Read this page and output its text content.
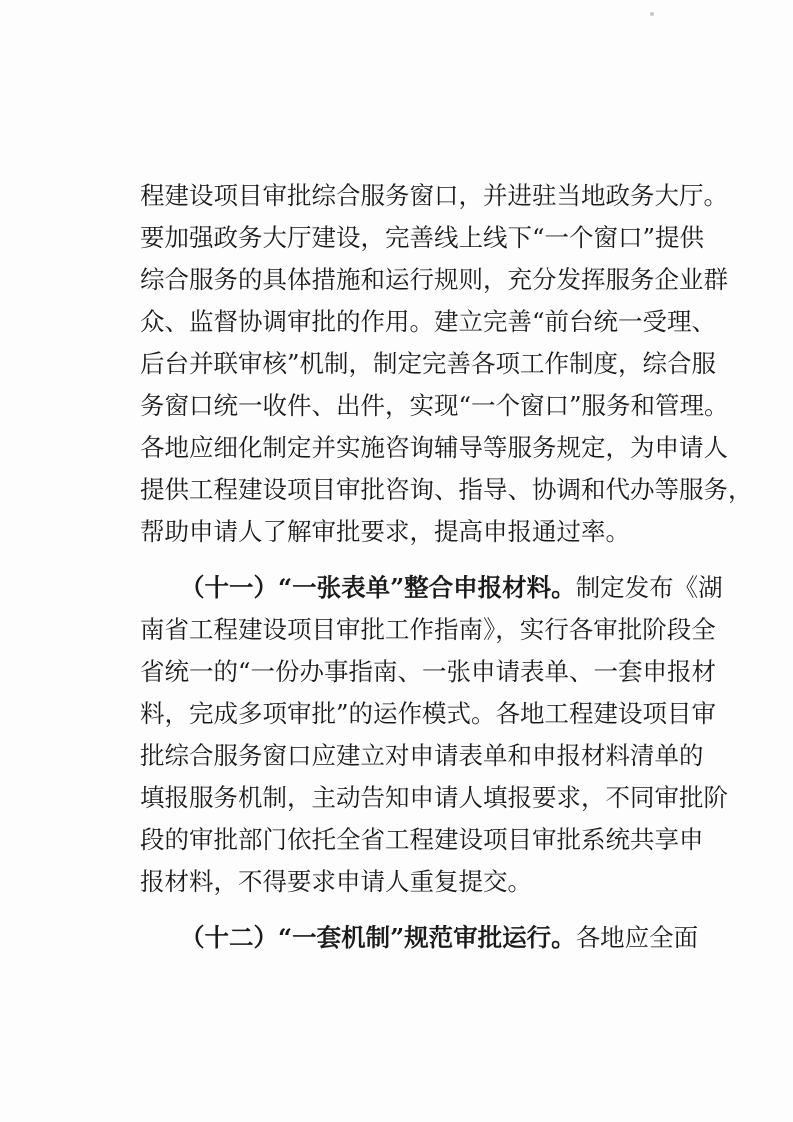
程建设项目审批综合服务窗口，并进驻当地政务大厅。
要加强政务大厅建设，完善线上线下“一个窗口”提供
综合服务的具体措施和运行规则，充分发挥服务企业群
众、监督协调审批的作用。建立完善“前台统一受理、
后台并联审核”机制，制定完善各项工作制度，综合服
务窗口统一收件、出件，实现“一个窗口”服务和管理。
各地应细化制定并实施咨询辅导等服务规定，为申请人
提供工程建设项目审批咨询、指导、协调和代办等服务，
帮助申请人了解审批要求，提高申报通过率。
（十一）“一张表单”整合申报材料。制定发布《湖
南省工程建设项目审批工作指南》，实行各审批阶段全
省统一的“一份办事指南、一张申请表单、一套申报材
料，完成多项审批”的运作模式。各地工程建设项目审
批综合服务窗口应建立对申请表单和申报材料清单的
填报服务机制，主动告知申请人填报要求，不同审批阶
段的审批部门依托全省工程建设项目审批系统共享申
报材料，不得要求申请人重复提交。
（十二）“一套机制”规范审批运行。各地应全面
